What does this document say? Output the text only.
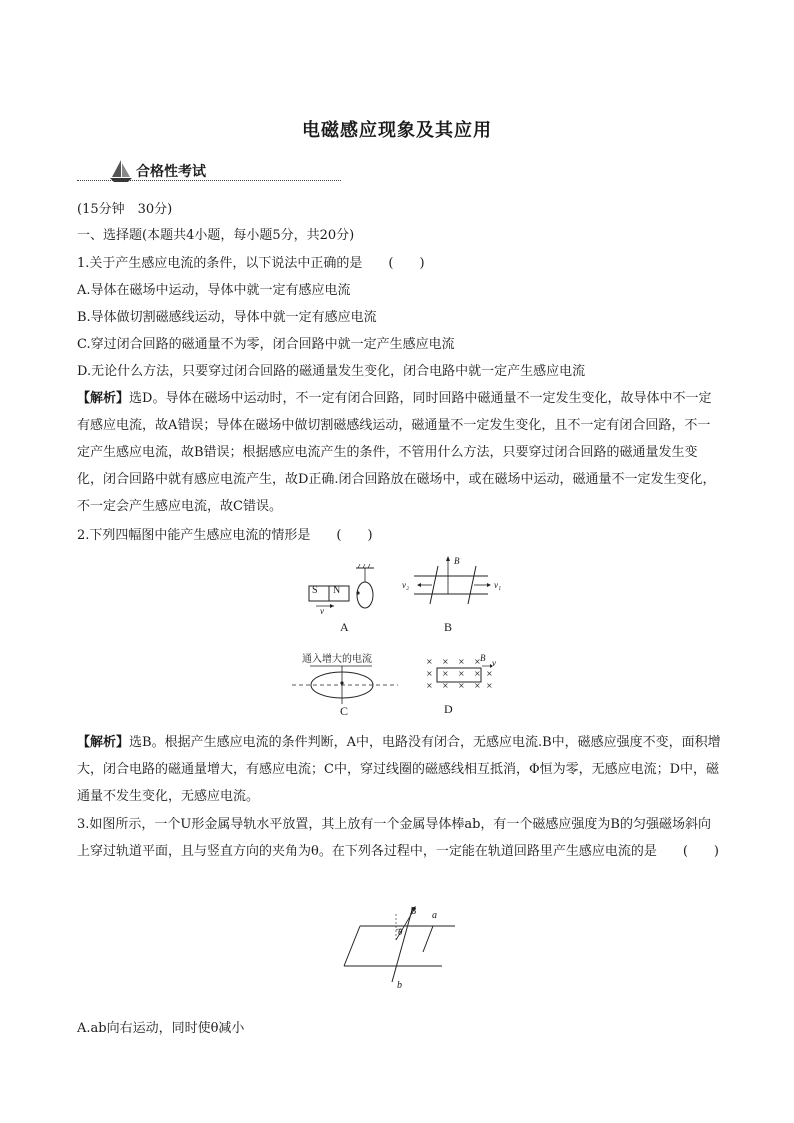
电磁感应现象及其应用
合格性考试
(15分钟　30分)
一、选择题(本题共4小题，每小题5分，共20分)
1.关于产生感应电流的条件，以下说法中正确的是　　(　　)
A.导体在磁场中运动，导体中就一定有感应电流
B.导体做切割磁感线运动，导体中就一定有感应电流
C.穿过闭合回路的磁通量不为零，闭合回路中就一定产生感应电流
D.无论什么方法，只要穿过闭合回路的磁通量发生变化，闭合电路中就一定产生感应电流
【解析】选D。导体在磁场中运动时，不一定有闭合回路，同时回路中磁通量不一定发生变化，故导体中不一定有感应电流，故A错误；导体在磁场中做切割磁感线运动，磁通量不一定发生变化，且不一定有闭合回路，不一定产生感应电流，故B错误；根据感应电流产生的条件，不管用什么方法，只要穿过闭合回路的磁通量发生变化，闭合回路中就有感应电流产生，故D正确.闭合回路放在磁场中，或在磁场中运动，磁通量不一定发生变化，不一定会产生感应电流，故C错误。
2.下列四幅图中能产生感应电流的情形是　　(　　)
S N
v
A
B
v₂	v₁
B
通入增大的电流
C
× × × ×
× × × × ×
× × × × ×
B v
D
【解析】选B。根据产生感应电流的条件判断，A中，电路没有闭合，无感应电流.B中，磁感应强度不变，面积增大，闭合电路的磁通量增大，有感应电流；C中，穿过线圈的磁感线相互抵消，Φ恒为零，无感应电流；D中，磁通量不发生变化，无感应电流。
3.如图所示，一个U形金属导轨水平放置，其上放有一个金属导体棒ab，有一个磁感应强度为B的匀强磁场斜向上穿过轨道平面，且与竖直方向的夹角为θ。在下列各过程中，一定能在轨道回路里产生感应电流的是　　(　　)
B a
θ
b
A.ab向右运动，同时使θ减小
